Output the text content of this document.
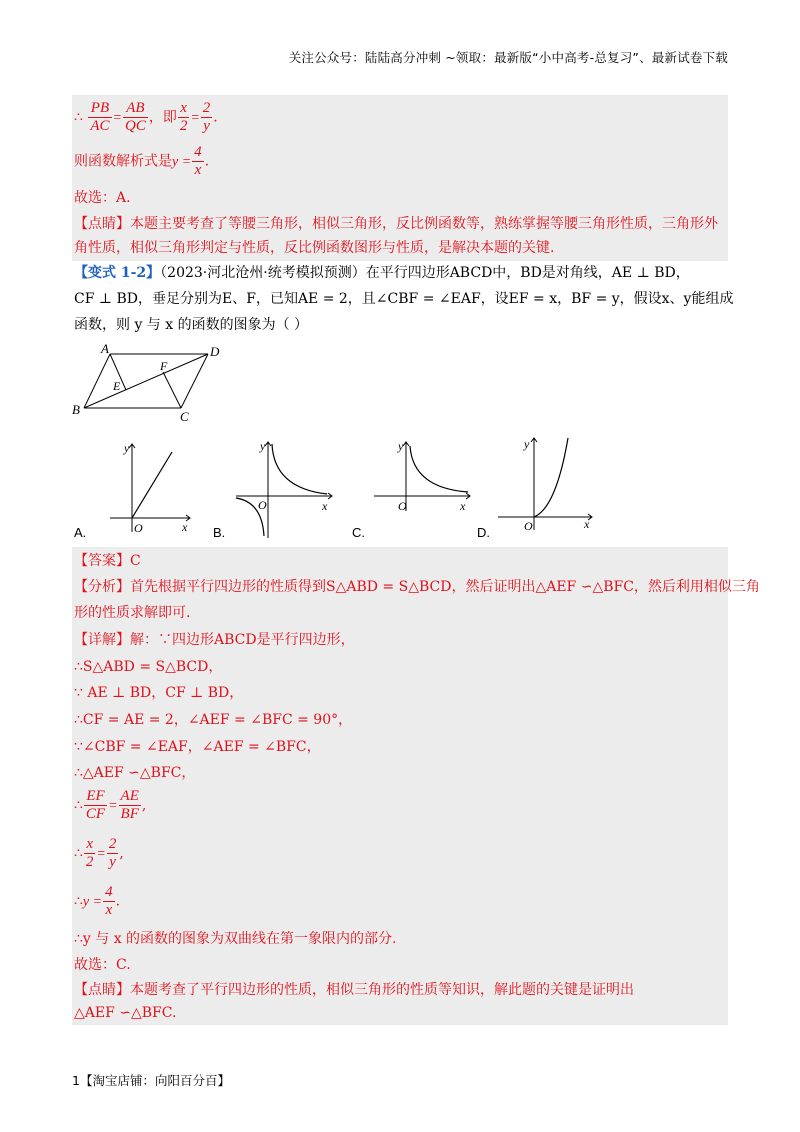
关注公众号：陆陆高分冲刺 ~领取：最新版“小中高考-总复习”、最新试卷下载
∴ $\frac{PB}{AC} = \frac{AB}{QC}$ ，即 $\frac{x}{2} = \frac{2}{y}$ .
则函数解析式是$y = \frac{4}{x}$ .
故选：A.
【点睛】本题主要考查了等腰三角形，相似三角形，反比例函数等，熟练掌握等腰三角形性质，三角形外
角性质，相似三角形判定与性质，反比例函数图形与性质，是解决本题的关键.
【变式 1-2】（2023·河北沧州·统考模拟预测）在平行四边形ABCD中，BD是对角线，AE ⊥ BD，
CF ⊥ BD，垂足分别为E、F，已知AE = 2，且∠CBF = ∠EAF，设EF = x，BF = y，假设x、y能组成
函数，则 y 与 x 的函数的图象为（ ）
A	D
B	C
E
F
y
x
O
A.
y
x
O
B.
y
x
O
C.
y
x
O
D.
【答案】C
【分析】首先根据平行四边形的性质得到S△ABD = S△BCD，然后证明出△AEF ∽△BFC，然后利用相似三角
形的性质求解即可.
【详解】解：∵四边形ABCD是平行四边形，
∴S△ABD = S△BCD，
∵ AE ⊥ BD，CF ⊥ BD，
∴CF = AE = 2，∠AEF = ∠BFC = 90°，
∵∠CBF = ∠EAF，∠AEF = ∠BFC，
∴△AEF ∽△BFC，
∴ $\frac{EF}{CF} = \frac{AE}{BF}$ ,
∴ $\frac{x}{2} = \frac{2}{y}$ ,
∴y = $\frac{4}{x}$ .
∴y 与 x 的函数的图象为双曲线在第一象限内的部分.
故选：C.
【点睛】本题考查了平行四边形的性质，相似三角形的性质等知识，解此题的关键是证明出
△AEF ∽△BFC.
1【淘宝店铺：向阳百分百】
